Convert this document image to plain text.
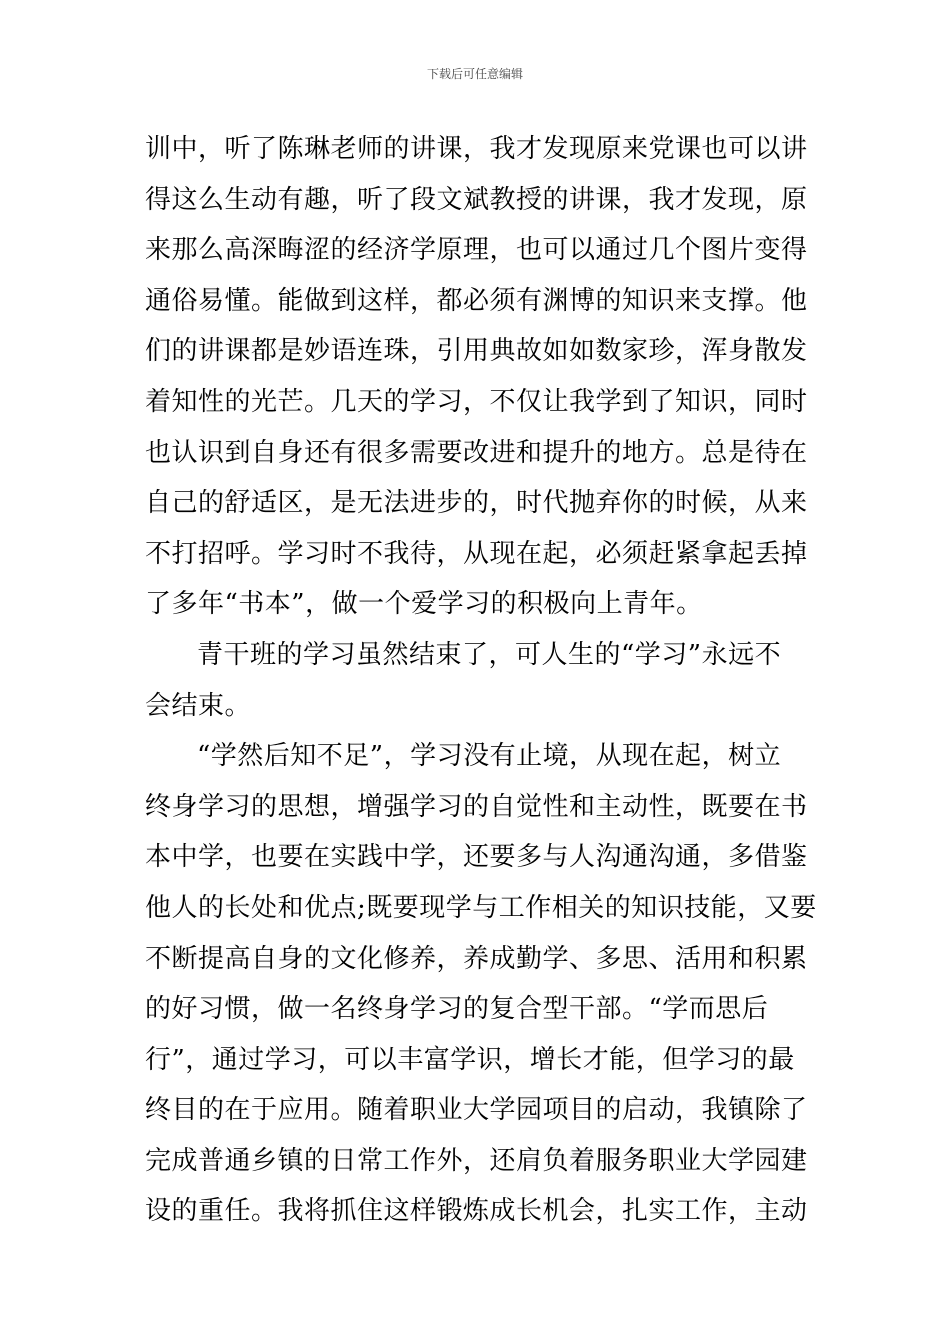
下载后可任意编辑
训中，听了陈琳老师的讲课，我才发现原来党课也可以讲
得这么生动有趣，听了段文斌教授的讲课，我才发现，原
来那么高深晦涩的经济学原理，也可以通过几个图片变得
通俗易懂。能做到这样，都必须有渊博的知识来支撑。他
们的讲课都是妙语连珠，引用典故如如数家珍，浑身散发
着知性的光芒。几天的学习，不仅让我学到了知识，同时
也认识到自身还有很多需要改进和提升的地方。总是待在
自己的舒适区，是无法进步的，时代抛弃你的时候，从来
不打招呼。学习时不我待，从现在起，必须赶紧拿起丢掉
了多年“书本”，做一个爱学习的积极向上青年。
青干班的学习虽然结束了，可人生的“学习”永远不
会结束。
“学然后知不足”，学习没有止境，从现在起，树立
终身学习的思想，增强学习的自觉性和主动性，既要在书
本中学，也要在实践中学，还要多与人沟通沟通，多借鉴
他人的长处和优点;既要现学与工作相关的知识技能，又要
不断提高自身的文化修养，养成勤学、多思、活用和积累
的好习惯，做一名终身学习的复合型干部。“学而思后
行”，通过学习，可以丰富学识，增长才能，但学习的最
终目的在于应用。随着职业大学园项目的启动，我镇除了
完成普通乡镇的日常工作外，还肩负着服务职业大学园建
设的重任。我将抓住这样锻炼成长机会，扎实工作，主动
